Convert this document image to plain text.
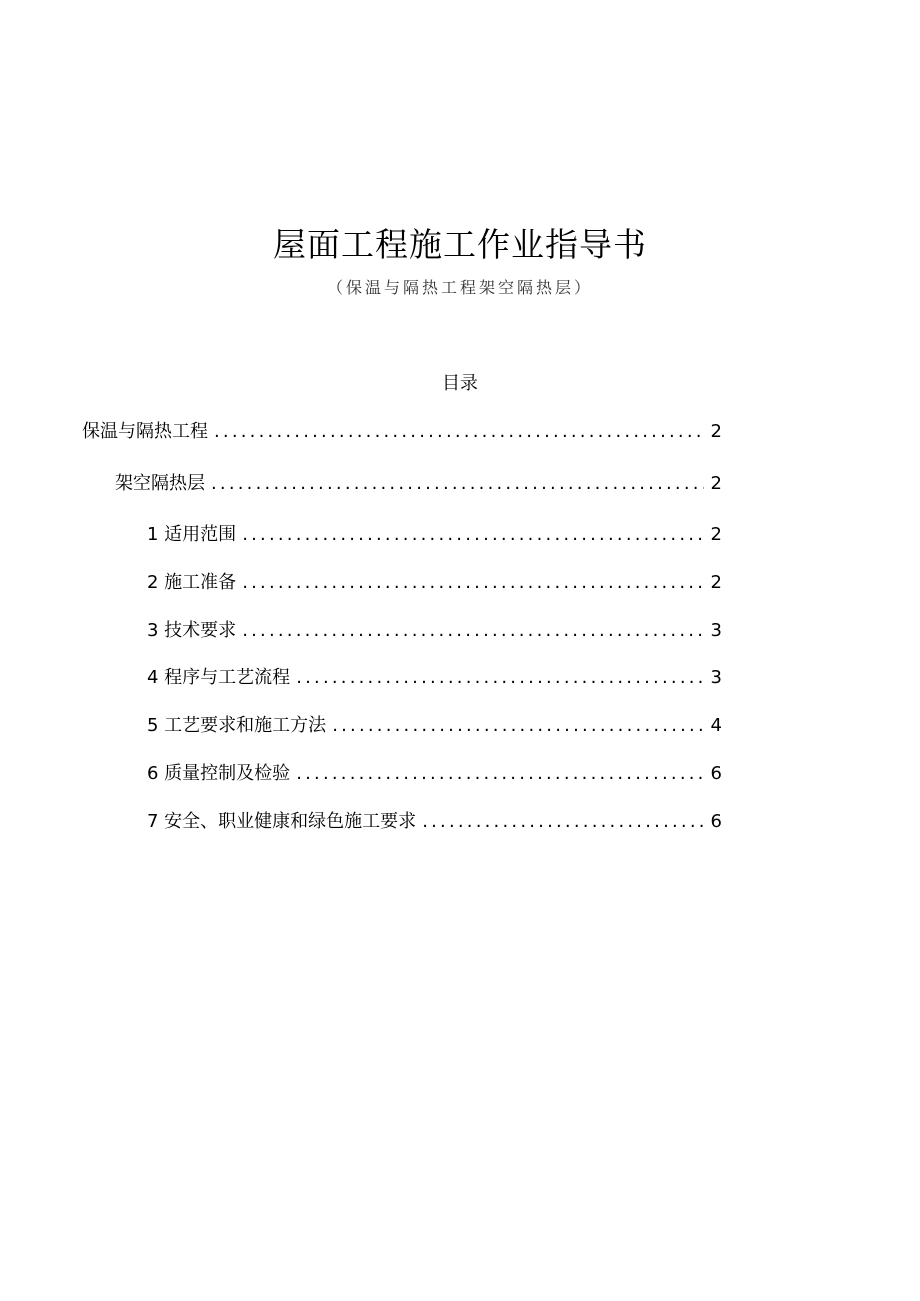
屋面工程施工作业指导书
（保温与隔热工程架空隔热层）
目录
保温与隔热工程 .....	2
架空隔热层 .....	2
1 适用范围 .....	2
2 施工准备 .....	2
3 技术要求 .....	3
4 程序与工艺流程 .....	3
5 工艺要求和施工方法 .....	4
6 质量控制及检验 .....	6
7 安全、职业健康和绿色施工要求 .....	6
